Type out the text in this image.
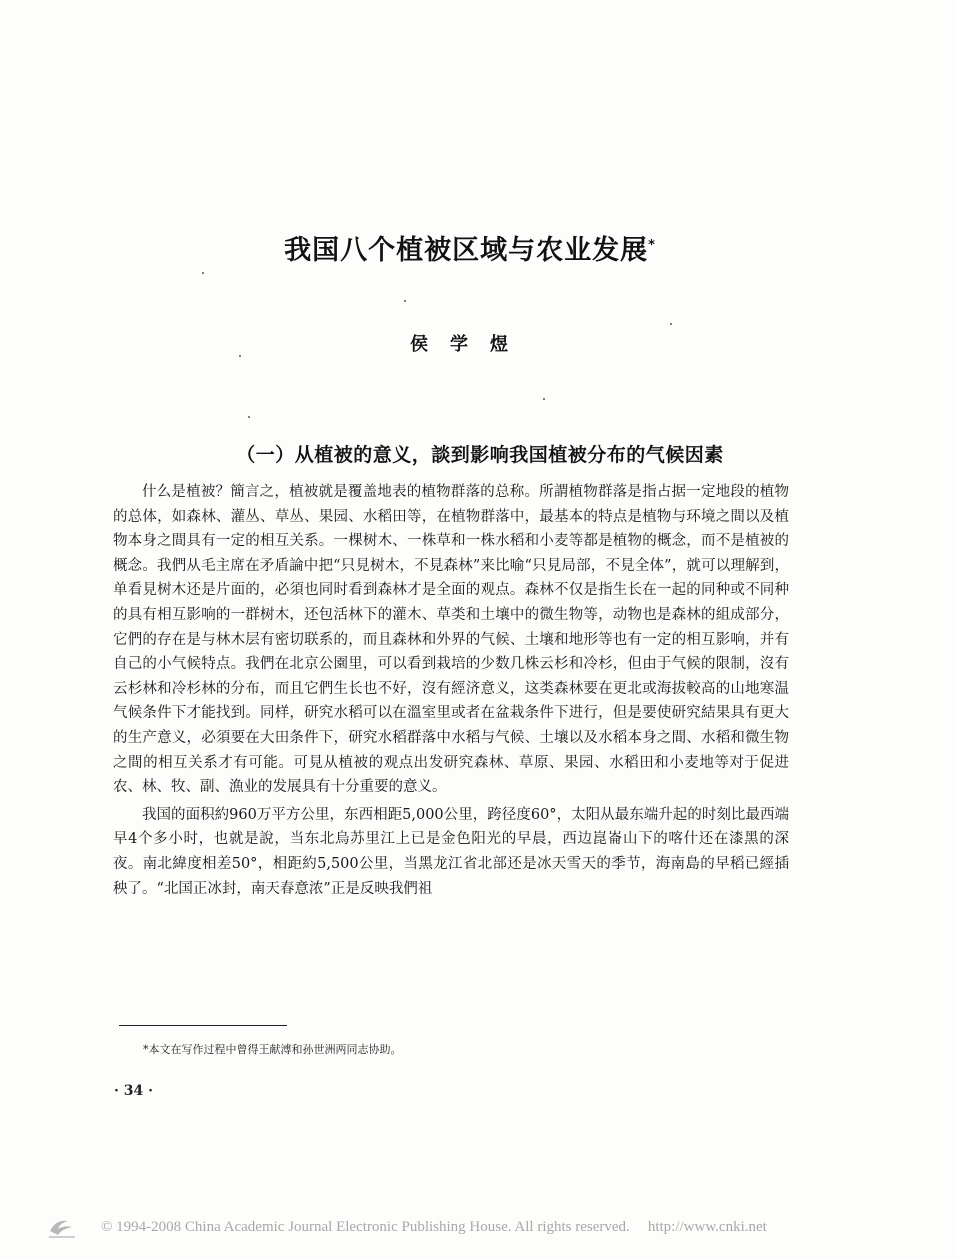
我国八个植被区域与农业发展*
侯学煜
（一）从植被的意义，談到影响我国植被分布的气候因素

什么是植被？簡言之，植被就是覆盖地表的植物群落的总称。所謂植物群落是指占据一定地段的植物的总体，如森林、灌丛、草丛、果园、水稻田等，在植物群落中，最基本的特点是植物与环境之間以及植物本身之間具有一定的相互关系。一棵树木、一株草和一株水稻和小麦等都是植物的概念，而不是植被的概念。我們从毛主席在矛盾論中把“只見树木，不見森林”来比喻“只見局部，不見全体”，就可以理解到，单看見树木还是片面的，必須也同时看到森林才是全面的观点。森林不仅是指生长在一起的同种或不同种的具有相互影响的一群树木，还包活林下的灌木、草类和土壤中的微生物等，动物也是森林的組成部分，它們的存在是与林木层有密切联系的，而且森林和外界的气候、土壤和地形等也有一定的相互影响，并有自己的小气候特点。我們在北京公園里，可以看到栽培的少数几株云杉和冷杉，但由于气候的限制，沒有云杉林和冷杉林的分布，而且它們生长也不好，沒有經济意义，这类森林要在更北或海拔較高的山地寒温气候条件下才能找到。同样，研究水稻可以在溫室里或者在盆栽条件下进行，但是要使研究結果具有更大的生产意义，必須要在大田条件下，研究水稻群落中水稻与气候、土壤以及水稻本身之間、水稻和微生物之間的相互关系才有可能。可見从植被的观点出发研究森林、草原、果园、水稻田和小麦地等对于促进农、林、牧、副、漁业的发展具有十分重要的意义。

我国的面积約960万平方公里，东西相距5,000公里，跨径度60°，太阳从最东端升起的时刻比最西端早4个多小时，也就是說，当东北烏苏里江上已是金色阳光的早晨，西边崑崙山下的喀什还在漆黑的深夜。南北緯度相差50°，相距約5,500公里，当黑龙江省北部还是冰天雪天的季节，海南島的早稻已經插秧了。“北国正冰封，南天春意浓”正是反映我們祖

*本文在写作过程中曾得王献溥和孙世洲两同志协助。
· 34 ·
© 1994-2008 China Academic Journal Electronic Publishing House. All rights reserved. http://www.cnki.net
